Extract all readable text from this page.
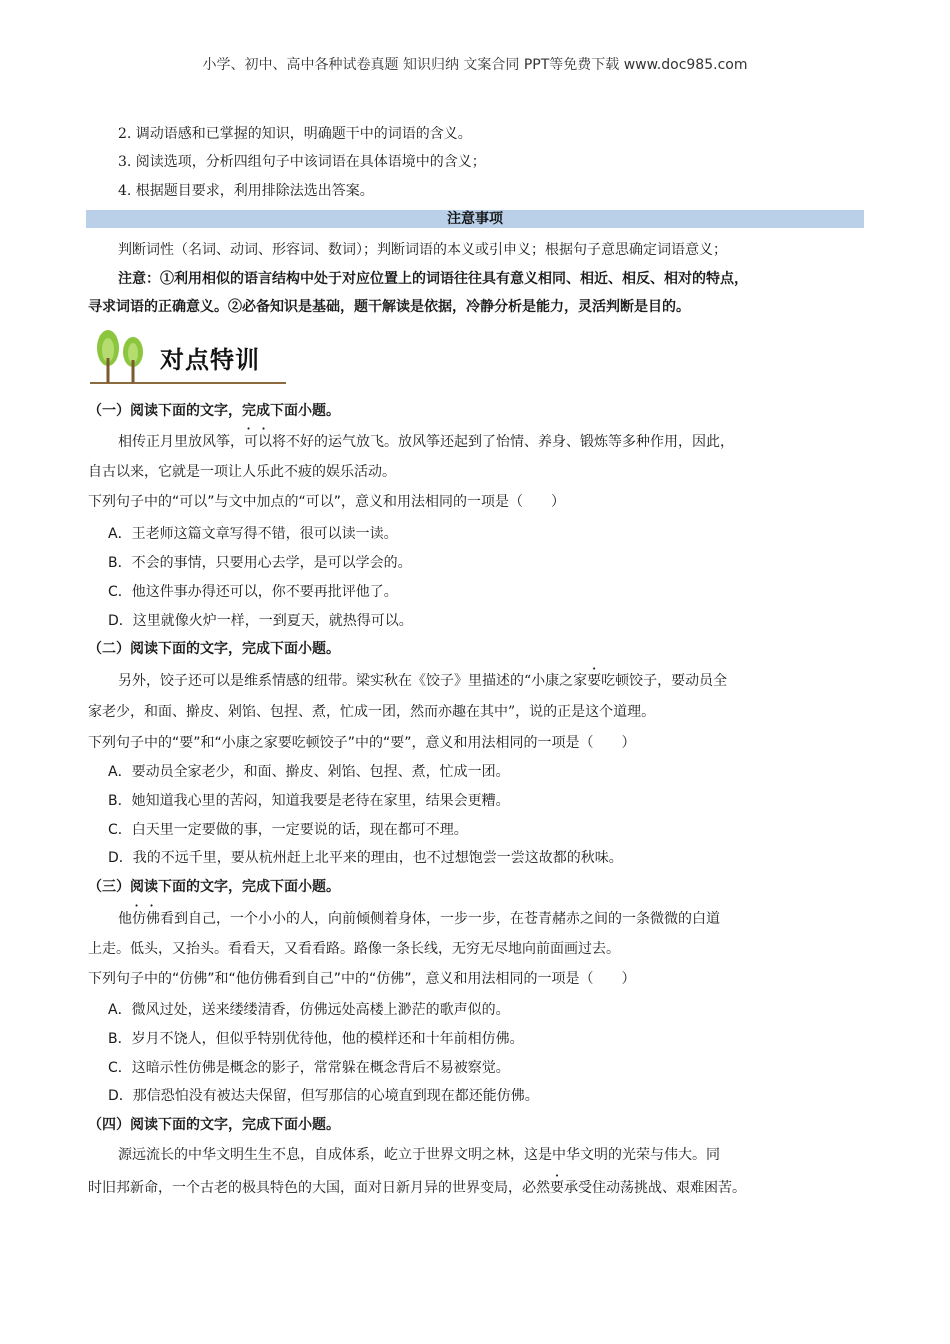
小学、初中、高中各种试卷真题 知识归纳 文案合同 PPT等免费下载 www.doc985.com
2. 调动语感和已掌握的知识，明确题干中的词语的含义。
3. 阅读选项，分析四组句子中该词语在具体语境中的含义；
4. 根据题目要求，利用排除法选出答案。
注意事项
判断词性（名词、动词、形容词、数词）；判断词语的本义或引申义；根据句子意思确定词语意义；
注意：①利用相似的语言结构中处于对应位置上的词语往往具有意义相同、相近、相反、相对的特点，
寻求词语的正确意义。②必备知识是基础，题干解读是依据，冷静分析是能力，灵活判断是目的。
对点特训
（一）阅读下面的文字，完成下面小题。
相传正月里放风筝，
· ·
可以将不好的运气放飞。放风筝还起到了怡情、养身、锻炼等多种作用，因此，
自古以来，它就是一项让人乐此不疲的娱乐活动。
下列句子中的“可以”与文中加点的“可以”，意义和用法相同的一项是（　　）
A．王老师这篇文章写得不错，很可以读一读。
B．不会的事情，只要用心去学，是可以学会的。
C．他这件事办得还可以，你不要再批评他了。
D．这里就像火炉一样，一到夏天，就热得可以。
（二）阅读下面的文字，完成下面小题。
另外，饺子还可以是维系情感的纽带。梁实秋在《饺子》里描述的“小康之家要吃顿饺子，要动员全
家老少，和面、擀皮、剁馅、包捏、煮，忙成一团，然而亦趣在其中”，说的正是这个道理。
下列句子中的“要”和“小康之家要吃顿饺子”中的“要”，意义和用法相同的一项是（　　）
A．要动员全家老少，和面、擀皮、剁馅、包捏、煮，忙成一团。
B．她知道我心里的苦闷，知道我要是老待在家里，结果会更糟。
C．白天里一定要做的事，一定要说的话，现在都可不理。
D．我的不远千里，要从杭州赶上北平来的理由，也不过想饱尝一尝这故都的秋味。
（三）阅读下面的文字，完成下面小题。
他
· ·
仿佛看到自己，一个小小的人，向前倾侧着身体，一步一步，在苍青赭赤之间的一条微微的白道
上走。低头，又抬头。看看天，又看看路。路像一条长线，无穷无尽地向前面画过去。
下列句子中的“仿佛”和“他仿佛看到自己”中的“仿佛”，意义和用法相同的一项是（　　）
A．微风过处，送来缕缕清香，仿佛远处高楼上渺茫的歌声似的。
B．岁月不饶人，但似乎特别优待他，他的模样还和十年前相仿佛。
C．这暗示性仿佛是概念的影子，常常躲在概念背后不易被察觉。
D．那信恐怕没有被达夫保留，但写那信的心境直到现在都还能仿佛。
（四）阅读下面的文字，完成下面小题。
源远流长的中华文明生生不息，自成体系，屹立于世界文明之林，这是中华文明的光荣与伟大。同
时旧邦新命，一个古老的极具特色的大国，面对日新月异的世界变局，必然要承受住动荡挑战、艰难困苦。
